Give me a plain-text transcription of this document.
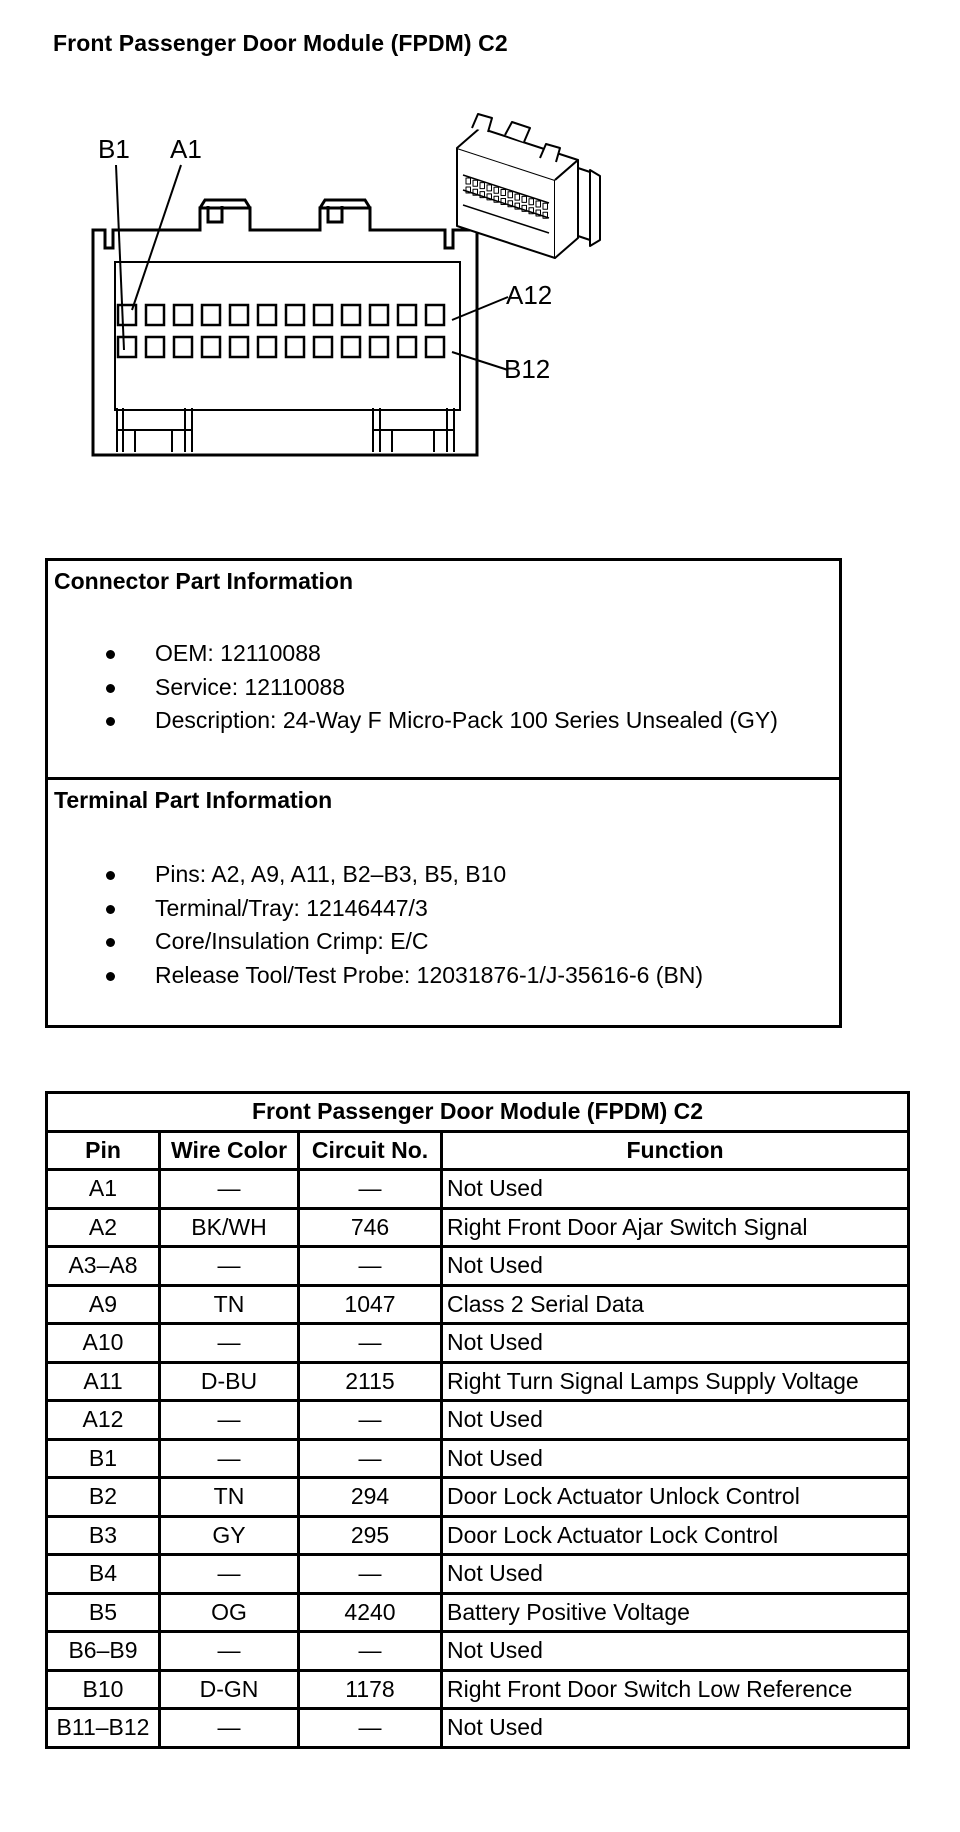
Front Passenger Door Module (FPDM) C2
B1 A1
A12
B12
Connector Part Information
OEM: 12110088
Service: 12110088
Description: 24-Way F Micro-Pack 100 Series Unsealed (GY)
Terminal Part Information
Pins: A2, A9, A11, B2–B3, B5, B10
Terminal/Tray: 12146447/3
Core/Insulation Crimp: E/C
Release Tool/Test Probe: 12031876-1/J-35616-6 (BN)
Front Passenger Door Module (FPDM) C2			
Pin	Wire Color	Circuit No.	Function
A1	—	—	Not Used
A2	BK/WH	746	Right Front Door Ajar Switch Signal
A3–A8	—	—	Not Used
A9	TN	1047	Class 2 Serial Data
A10	—	—	Not Used
A11	D-BU	2115	Right Turn Signal Lamps Supply Voltage
A12	—	—	Not Used
B1	—	—	Not Used
B2	TN	294	Door Lock Actuator Unlock Control
B3	GY	295	Door Lock Actuator Lock Control
B4	—	—	Not Used
B5	OG	4240	Battery Positive Voltage
B6–B9	—	—	Not Used
B10	D-GN	1178	Right Front Door Switch Low Reference
B11–B12	—	—	Not Used
